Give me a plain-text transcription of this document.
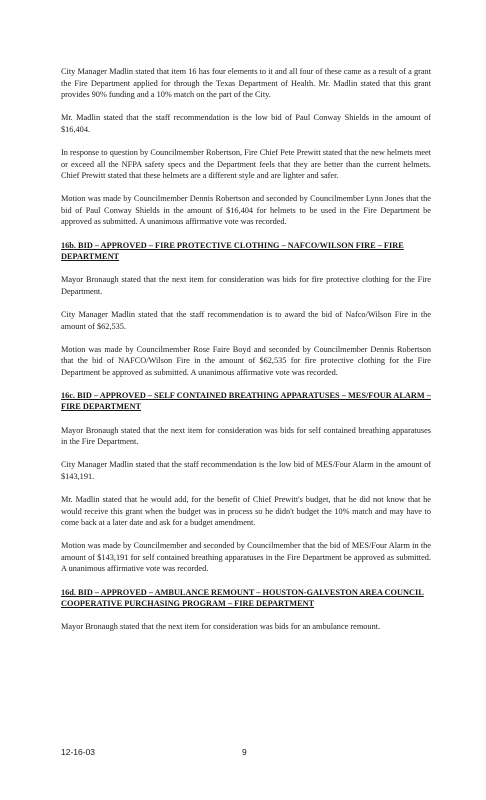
City Manager Madlin stated that item 16 has four elements to it and all four of these came as a result of a grant the Fire Department applied for through the Texas Department of Health. Mr. Madlin stated that this grant provides 90% funding and a 10% match on the part of the City.

Mr. Madlin stated that the staff recommendation is the low bid of Paul Conway Shields in the amount of $16,404.

In response to question by Councilmember Robertson, Fire Chief Pete Prewitt stated that the new helmets meet or exceed all the NFPA safety specs and the Department feels that they are better than the current helmets. Chief Prewitt stated that these helmets are a different style and are lighter and safer.

Motion was made by Councilmember Dennis Robertson and seconded by Councilmember Lynn Jones that the bid of Paul Conway Shields in the amount of $16,404 for helmets to be used in the Fire Department be approved as submitted. A unanimous affirmative vote was recorded.

16b. BID – APPROVED – FIRE PROTECTIVE CLOTHING – NAFCO/WILSON FIRE – FIRE DEPARTMENT

Mayor Bronaugh stated that the next item for consideration was bids for fire protective clothing for the Fire Department.

City Manager Madlin stated that the staff recommendation is to award the bid of Nafco/Wilson Fire in the amount of $62,535.

Motion was made by Councilmember Rose Faire Boyd and seconded by Councilmember Dennis Robertson that the bid of NAFCO/Wilson Fire in the amount of $62,535 for fire protective clothing for the Fire Department be approved as submitted. A unanimous affirmative vote was recorded.

16c. BID – APPROVED – SELF CONTAINED BREATHING APPARATUSES – MES/FOUR ALARM – FIRE DEPARTMENT

Mayor Bronaugh stated that the next item for consideration was bids for self contained breathing apparatuses in the Fire Department.

City Manager Madlin stated that the staff recommendation is the low bid of MES/Four Alarm in the amount of $143,191.

Mr. Madlin stated that he would add, for the benefit of Chief Prewitt's budget, that he did not know that he would receive this grant when the budget was in process so he didn't budget the 10% match and may have to come back at a later date and ask for a budget amendment.

Motion was made by Councilmember and seconded by Councilmember that the bid of MES/Four Alarm in the amount of $143,191 for self contained breathing apparatuses in the Fire Department be approved as submitted. A unanimous affirmative vote was recorded.

16d. BID – APPROVED – AMBULANCE REMOUNT – HOUSTON-GALVESTON AREA COUNCIL COOPERATIVE PURCHASING PROGRAM – FIRE DEPARTMENT

Mayor Bronaugh stated that the next item for consideration was bids for an ambulance remount.

12-16-03	9
